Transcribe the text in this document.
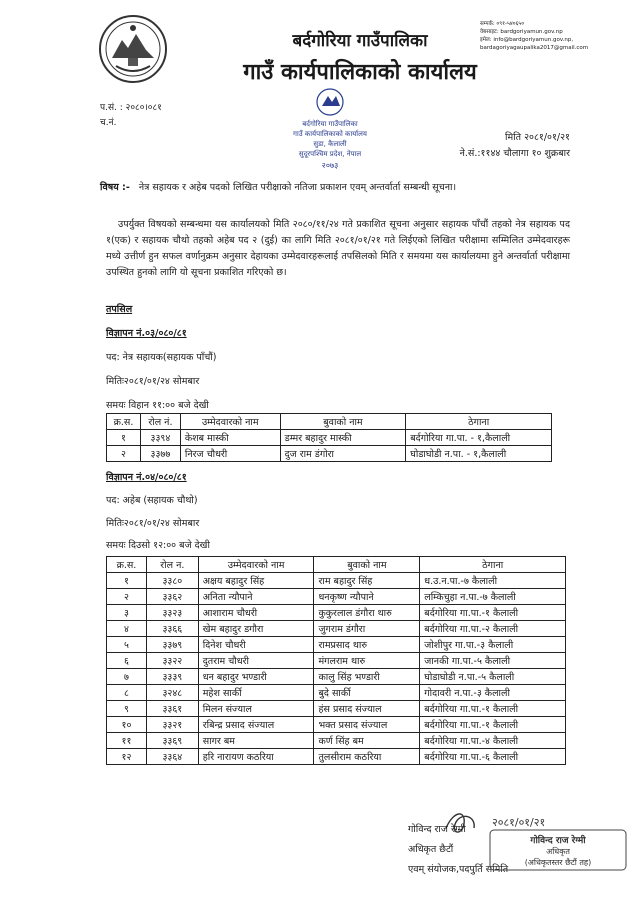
बर्दगोरिया गाउँपालिका
गाउँ कार्यपालिकाको कार्यालय
सम्पर्क: ०९१-५४०६५०
वेबसाइट: bardgoriyamun.gov.np
इमेल: info@bardgoriyamun.gov.np,
bardagoriyagaupalika2017@gmail.com
बर्दगोरिया गाउँपालिका
गाउँ कार्यपालिकाको कार्यालय
सुडा, कैलाली
सुदूरपश्चिम प्रदेश, नेपाल
२०७३
प.सं. : २०८०।०८१
च.नं.
मिति २०८१/०१/२१
ने.सं.:११४४ चौलागा १० शुक्रबार
विषय :- नेत्र सहायक र अहेब पदको लिखित परीक्षाको नतिजा प्रकाशन एवम् अन्तर्वार्ता सम्बन्धी सूचना।
उपर्युक्त विषयको सम्बन्धमा यस कार्यालयको मिति २०८०/११/२४ गते प्रकाशित सूचना अनुसार सहायक पाँचौं तहको नेत्र सहायक पद १(एक) र सहायक चौथो तहको अहेब पद २ (दुई) का लागि मिति २०८१/०१/२१ गते लिईएको लिखित परीक्षामा सम्मिलित उम्मेदवारहरू मध्ये उत्तीर्ण हुन सफल वर्णानुक्रम अनुसार देहायका उम्मेदवारहरूलाई तपसिलको मिति र समयमा यस कार्यालयमा हुने अन्तर्वार्ता परीक्षामा उपस्थित हुनको लागि यो सूचना प्रकाशित गरिएको छ।
तपसिल
विज्ञापन नं.०३/०८०/८१
पद: नेत्र सहायक(सहायक पाँचौं)
मितिः२०८१/०१/२४ सोमबार
समयः विहान ११:०० बजे देखी
क्र.स.	रोल नं.	उम्मेदवारको नाम	बुवाको नाम	ठेगाना
१	३३९४	केशब मास्की	डम्मर बहादुर मास्की	बर्दगोरिया गा.पा. - १,कैलाली
२	३३७७	निरज चौधरी	दुज राम डंगोरा	घोडाघोडी न.पा. - १,कैलाली
विज्ञापन नं.०४/०८०/८१
पद: अहेब (सहायक चौथो)
मितिः२०८१/०१/२४ सोमबार
समयः दिउसो १२:०० बजे देखी
क्र.स.	रोल न.	उम्मेदवारको नाम	बुवाको नाम	ठेगाना
१	३३८०	अक्षय बहादुर सिंह	राम बहादुर सिंह	ध.उ.न.पा.-७ कैलाली
२	३३६२	अनिता न्यौपाने	धनकृष्ण न्यौपाने	लम्किचुहा न.पा.-७ कैलाली
३	३३२३	आशाराम चौधरी	कुकुरलाल डंगौरा थारु	बर्दगोरिया गा.पा.-१ कैलाली
४	३३६६	खेम बहादुर डगौरा	जुगराम डंगौरा	बर्दगोरिया गा.पा.-२ कैलाली
५	३३७९	दिनेश चौधरी	रामप्रसाद थारु	जोशीपुर गा.पा.-३ कैलाली
६	३३२२	दुतराम चौधरी	मंगलराम थारु	जानकी गा.पा.-५ कैलाली
७	३३३९	धन बहादुर भण्डारी	कालु सिंह भण्डारी	घोडाघोडी न.पा.-५ कैलाली
८	३२४८	महेश सार्की	बुदे सार्की	गोदावरी न.पा.-३ कैलाली
९	३३६१	मिलन संज्याल	हंस प्रसाद संज्याल	बर्दगोरिया गा.पा.-१ कैलाली
१०	३३२१	रबिन्द्र प्रसाद संज्याल	भक्त प्रसाद संज्याल	बर्दगोरिया गा.पा.-१ कैलाली
११	३३६९	सागर बम	कर्ण सिंह बम	बर्दगोरिया गा.पा.-४ कैलाली
१२	३३६४	हरि नारायण कठरिया	तुलसीराम कठरिया	बर्दगोरिया गा.पा.-६ कैलाली
२०८१/०१/२१
गोविन्द राज रेग्मी
अधिकृत छैटौं
एवम् संयोजक,पदपुर्ति समिति
गोविन्द राज रेग्मी
अधिकृत
(अधिकृतस्तर छैटौं तह)
